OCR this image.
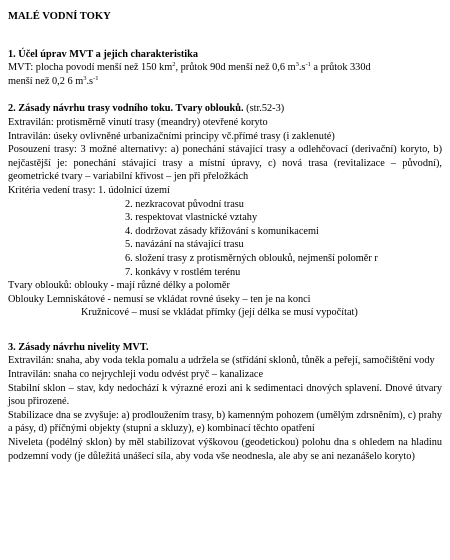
MALÉ VODNÍ TOKY

1. Účel úprav MVT a jejich charakteristika

MVT: plocha povodí menší než 150 $km^2$, průtok 90d menší než 0,6 $m^3.s^{-1}$ a průtok 330d

menší než 0,2 6 $m^3.s^{-1}$

2. Zásady návrhu trasy vodního toku. Tvary oblouků. (str.52-3)

Extravilán: protisměrně vinutí trasy (meandry) otevřené koryto

Intravilán: úseky ovlivněné urbanizačními principy vč.přímé trasy (i zaklenuté)

Posouzení trasy: 3 možné alternativy: a) ponechání stávající trasy a odlehčovací (derivační) koryto, b) nejčastější je: ponechání stávající trasy a místní úpravy, c) nová trasa (revitalizace – původní), geometrické tvary – variabilní křivost – jen při přeložkách

Kritéria vedení trasy: 1. údolnicí území
2. nezkracovat původní trasu
3. respektovat vlastnické vztahy
4. dodržovat zásady křižování s komunikacemi
5. navázání na stávající trasu
6. složení trasy z protisměrných oblouků, nejmenší poloměr r
7. konkávy v rostlém terénu

Tvary oblouků: oblouky - mají různé délky a poloměr

Oblouky Lemniskátové - nemusí se vkládat rovné úseky – ten je na konci

Kružnicové – musí se vkládat přímky (její délka se musí vypočítat)

3. Zásady návrhu nivelity MVT.

Extravilán: snaha, aby voda tekla pomalu a udržela se (střídání sklonů, tůněk a peřejí, samočištění vody

Intravilán: snaha co nejrychleji vodu odvést pryč – kanalizace

Stabilní sklon – stav, kdy nedochází k výrazné erozi ani k sedimentaci dnových splavení. Dnové útvary jsou přirozené.

Stabilizace dna se zvyšuje: a) prodloužením trasy, b) kamenným pohozem (umělým zdrsněním), c) prahy a pásy, d) příčnými objekty (stupni a skluzy), e) kombinací těchto opatření

Niveleta (podélný sklon) by měl stabilizovat výškovou (geodetickou) polohu dna s ohledem na hladinu podzemní vody (je důležitá unášecí síla, aby voda vše neodnesla, ale aby se ani nezanášelo koryto)
